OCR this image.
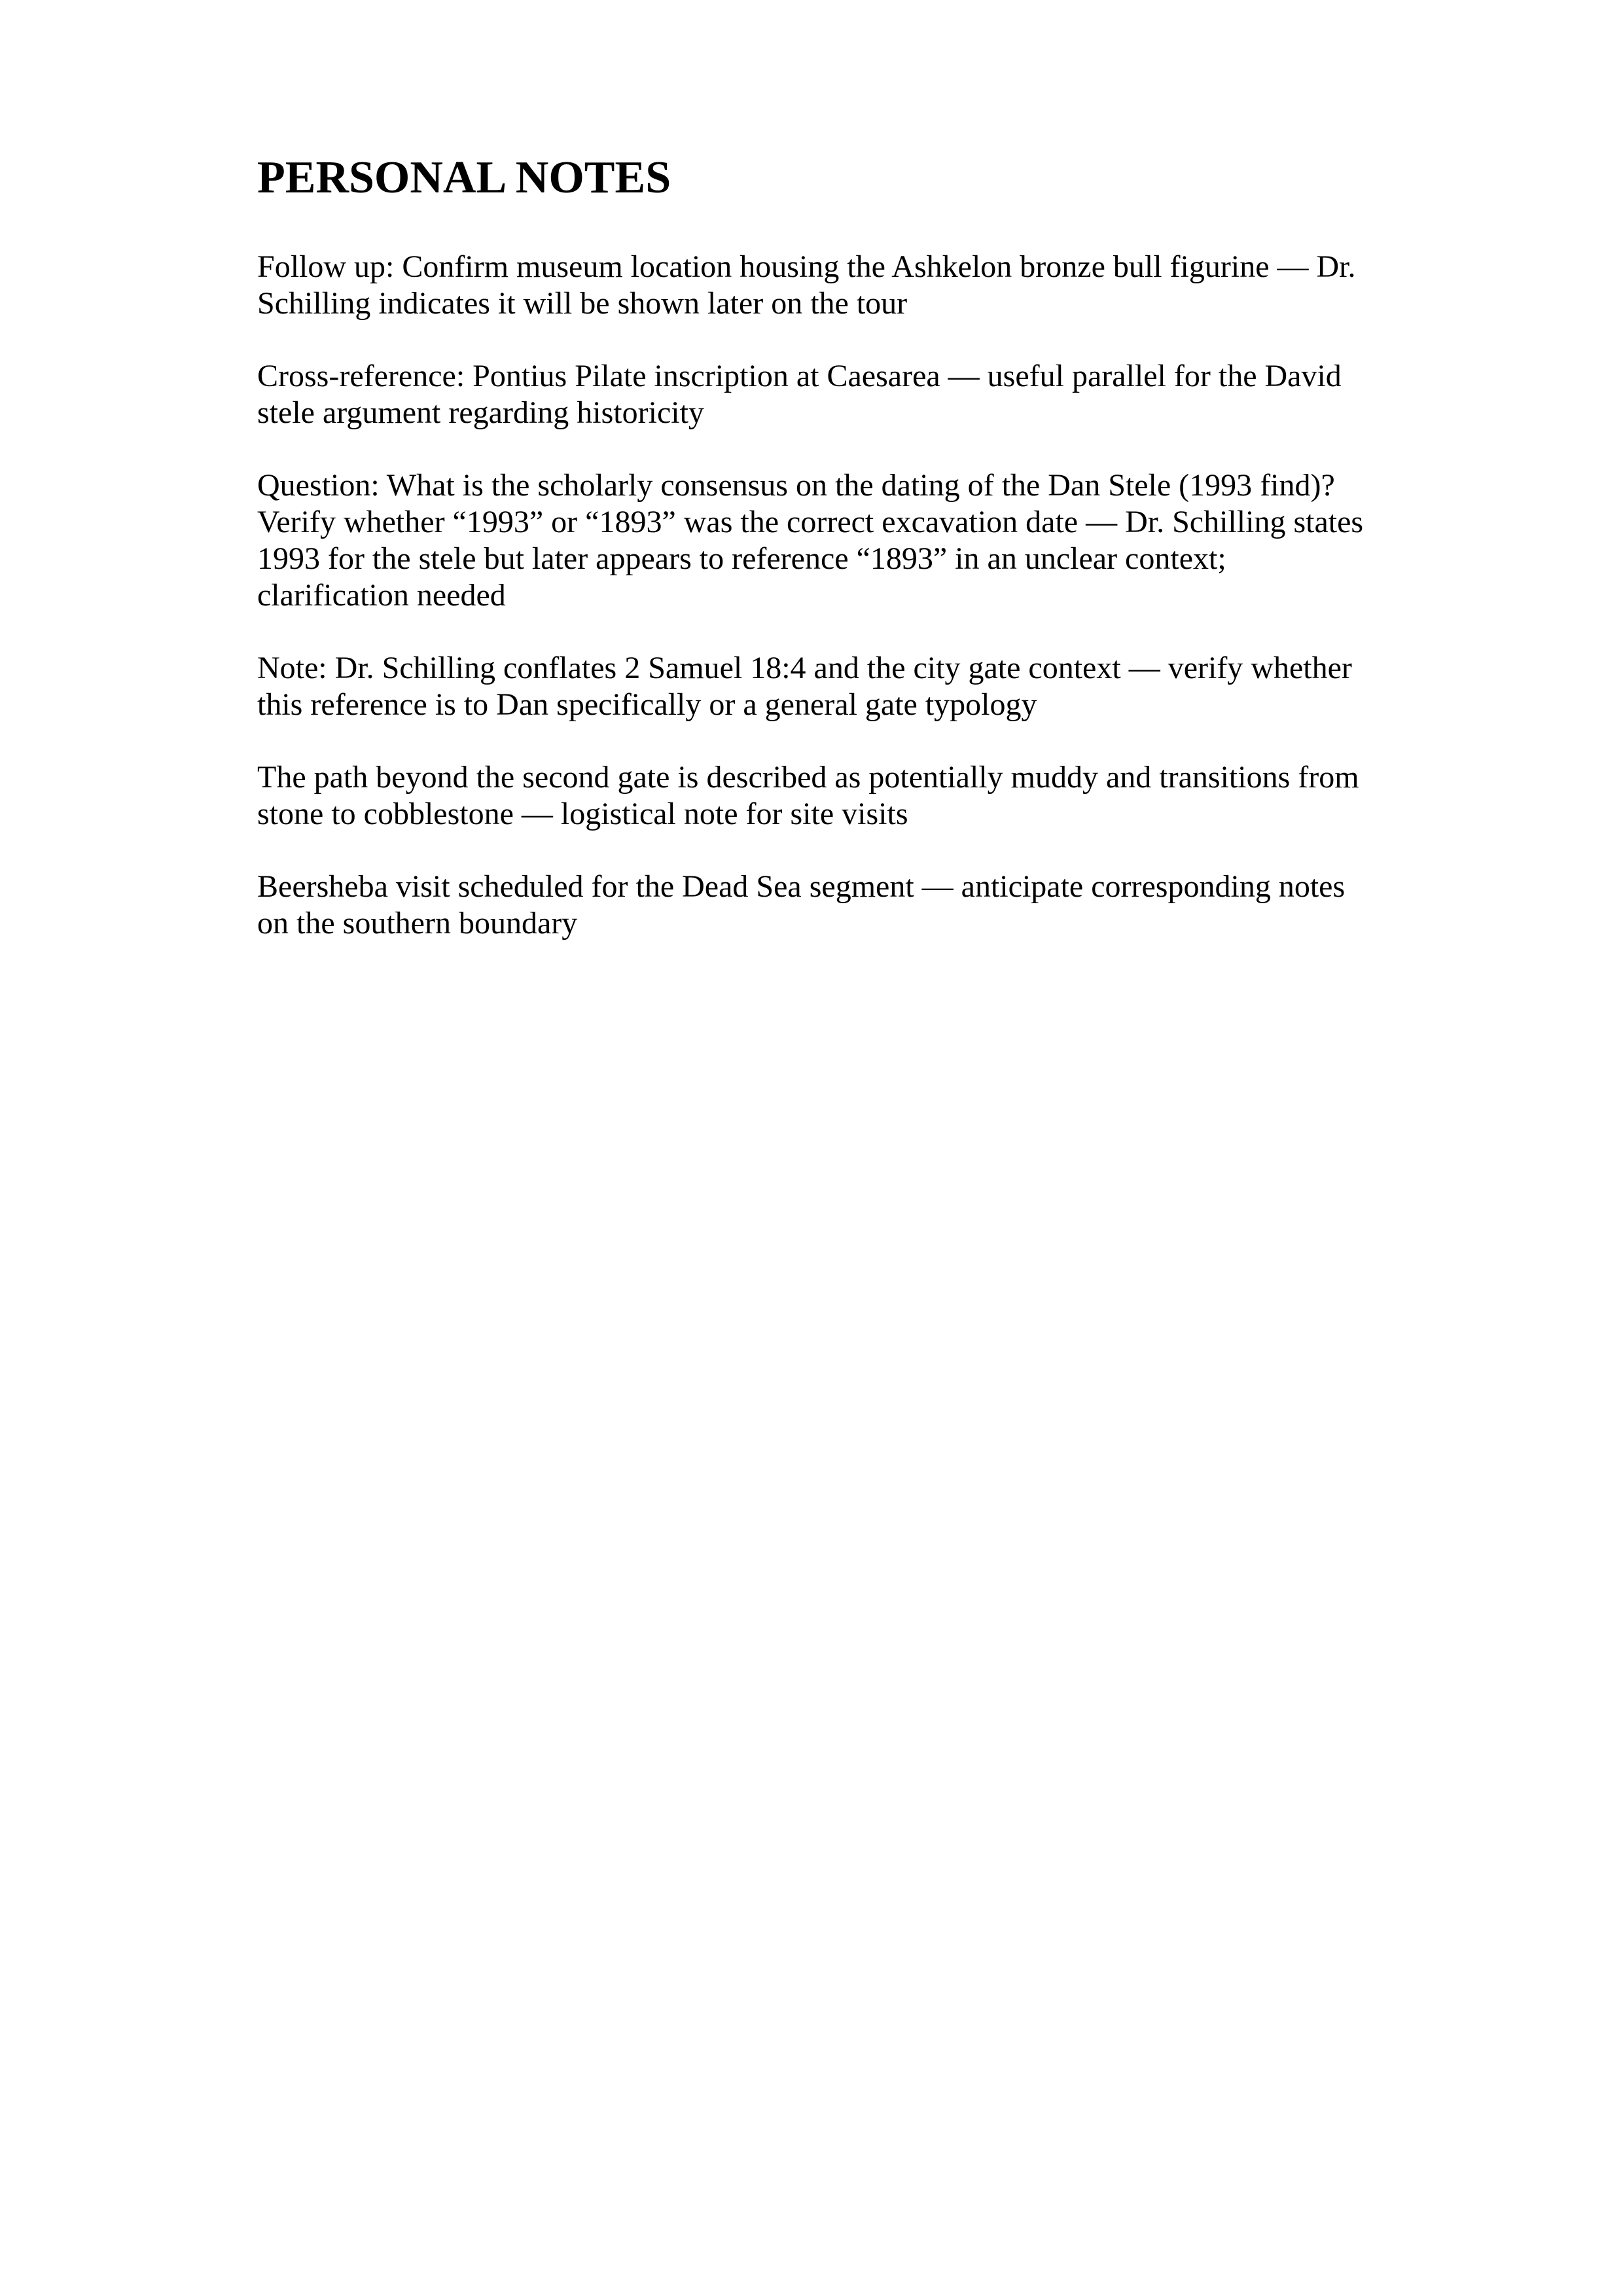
PERSONAL NOTES

Follow up: Confirm museum location housing the Ashkelon bronze bull figurine — Dr. Schilling indicates it will be shown later on the tour

Cross-reference: Pontius Pilate inscription at Caesarea — useful parallel for the David stele argument regarding historicity

Question: What is the scholarly consensus on the dating of the Dan Stele (1993 find)? Verify whether “1993” or “1893” was the correct excavation date — Dr. Schilling states 1993 for the stele but later appears to reference “1893” in an unclear context; clarification needed

Note: Dr. Schilling conflates 2 Samuel 18:4 and the city gate context — verify whether this reference is to Dan specifically or a general gate typology

The path beyond the second gate is described as potentially muddy and transitions from stone to cobblestone — logistical note for site visits

Beersheba visit scheduled for the Dead Sea segment — anticipate corresponding notes on the southern boundary
